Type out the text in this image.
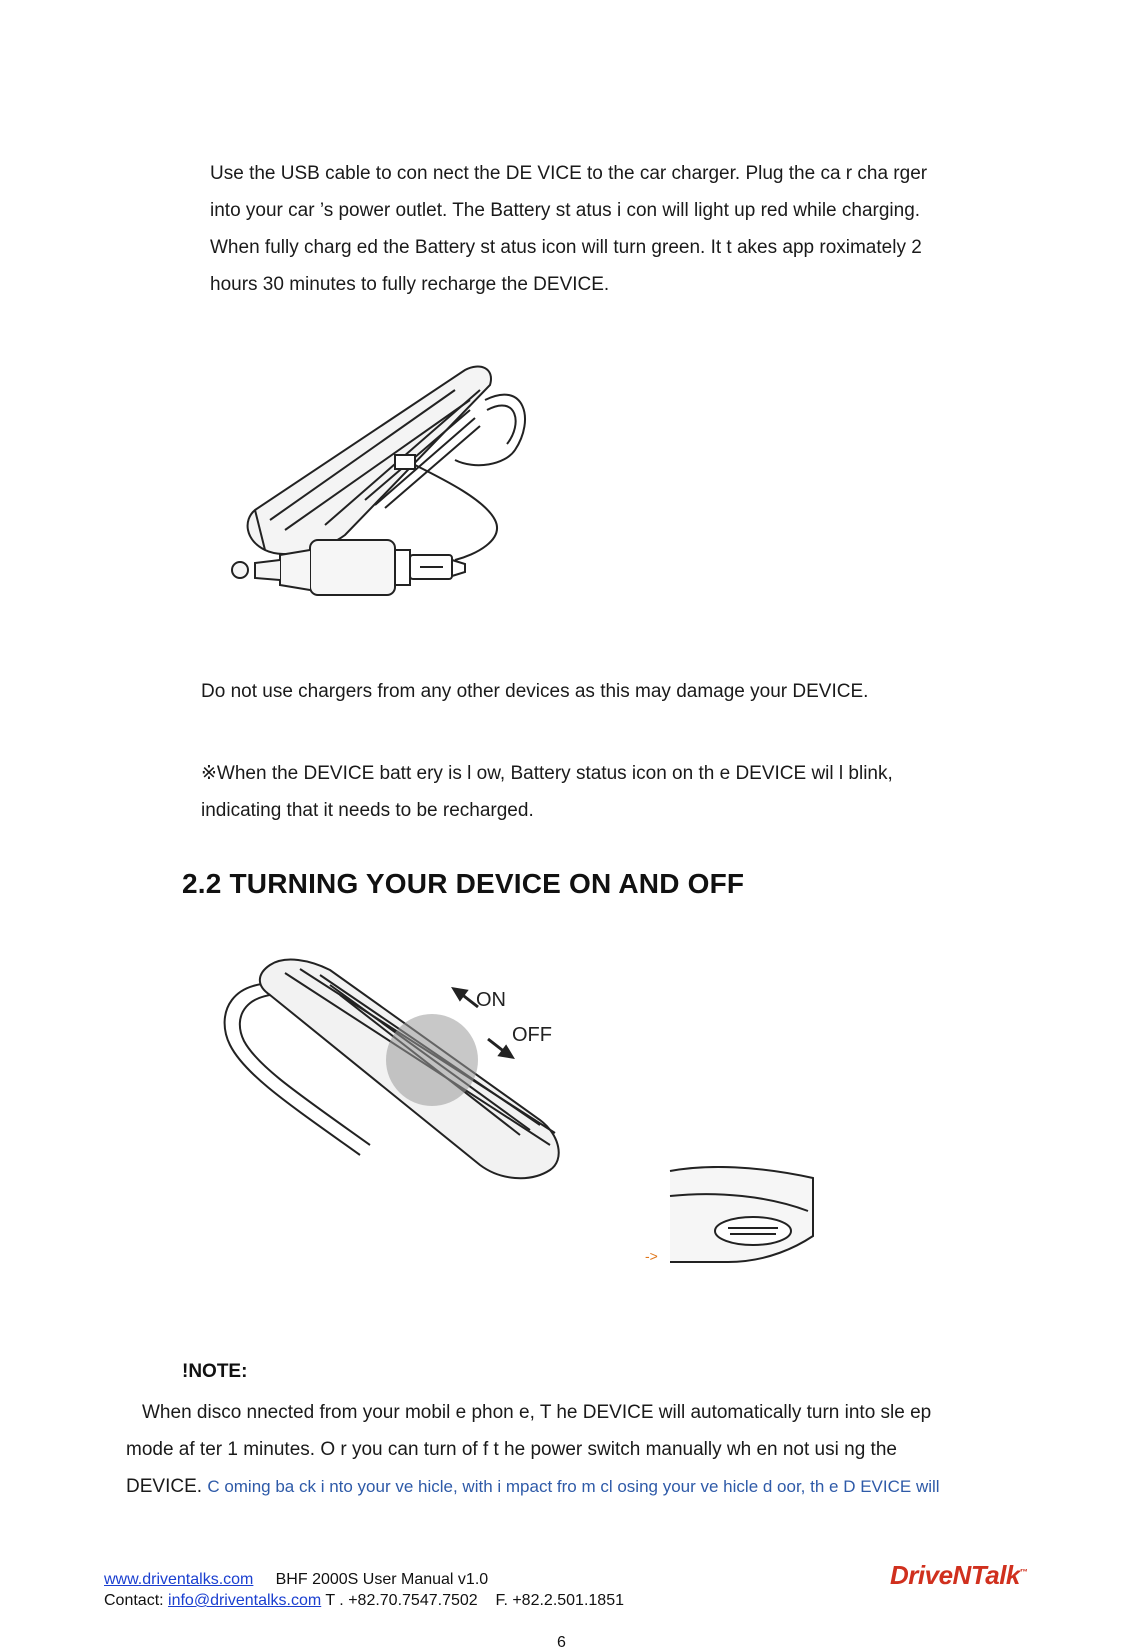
Use the USB cable to con nect the DE VICE to the car charger. Plug the ca r cha rger
into your car ’s power outlet. The Battery st atus i con will light up red while charging.
When fully charg ed the Battery st atus icon will turn green. It t akes app roximately 2
hours 30 minutes to fully recharge the DEVICE.
Do not use chargers from any other devices as this may damage your DEVICE.
※When the DEVICE batt ery is l ow, Battery status icon on th e DEVICE wil l blink,
indicating that it needs to be recharged.
2.2 TURNING YOUR DEVICE ON AND OFF
ON
OFF
->
!NOTE:
When disco nnected from your mobil e phon e, T he DEVICE will automatically turn into sle ep
mode af ter 1 minutes. O r you can turn of f t he power switch manually wh en not usi ng the
DEVICE. C oming ba ck i nto your ve hicle, with i mpact fro m cl osing your ve hicle d oor, th e D EVICE will
www.driventalks.com BHF 2000S User Manual v1.0
Contact: info@driventalks.com T . +82.70.7547.7502    F. +82.2.501.1851
DriveNTalk™
6
